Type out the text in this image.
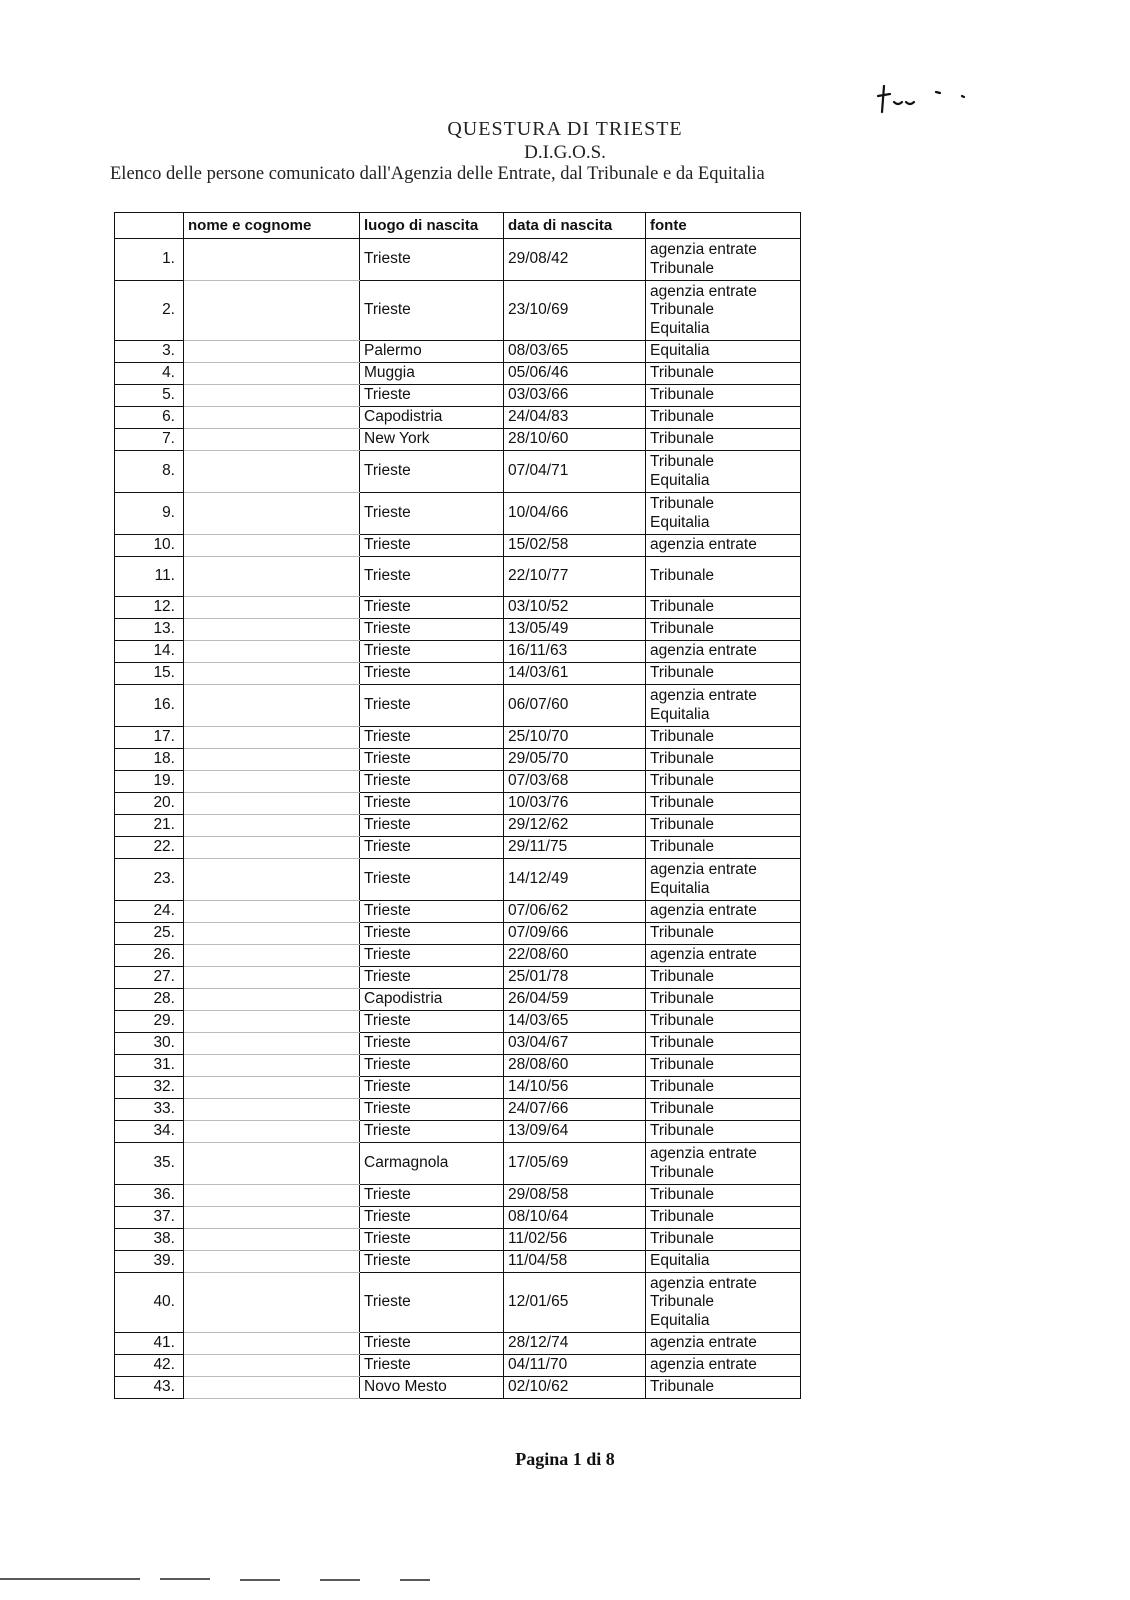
QUESTURA DI TRIESTE
D.I.G.O.S.
Elenco delle persone comunicato dall'Agenzia delle Entrate, dal Tribunale e da Equitalia
	nome e cognome	luogo di nascita	data di nascita	fonte
1.		Trieste	29/08/42	agenzia entrate
Tribunale

2.		Trieste	23/10/69	agenzia entrate
Tribunale
Equitalia

3.		Palermo	08/03/65	Equitalia

4.		Muggia	05/06/46	Tribunale

5.		Trieste	03/03/66	Tribunale

6.		Capodistria	24/04/83	Tribunale

7.		New York	28/10/60	Tribunale

8.		Trieste	07/04/71	Tribunale
Equitalia

9.		Trieste	10/04/66	Tribunale
Equitalia

10.		Trieste	15/02/58	agenzia entrate

11.		Trieste	22/10/77	Tribunale

12.		Trieste	03/10/52	Tribunale

13.		Trieste	13/05/49	Tribunale

14.		Trieste	16/11/63	agenzia entrate

15.		Trieste	14/03/61	Tribunale

16.		Trieste	06/07/60	agenzia entrate
Equitalia

17.		Trieste	25/10/70	Tribunale

18.		Trieste	29/05/70	Tribunale

19.		Trieste	07/03/68	Tribunale

20.		Trieste	10/03/76	Tribunale

21.		Trieste	29/12/62	Tribunale

22.		Trieste	29/11/75	Tribunale

23.		Trieste	14/12/49	agenzia entrate
Equitalia

24.		Trieste	07/06/62	agenzia entrate

25.		Trieste	07/09/66	Tribunale

26.		Trieste	22/08/60	agenzia entrate

27.		Trieste	25/01/78	Tribunale

28.		Capodistria	26/04/59	Tribunale

29.		Trieste	14/03/65	Tribunale

30.		Trieste	03/04/67	Tribunale

31.		Trieste	28/08/60	Tribunale

32.		Trieste	14/10/56	Tribunale

33.		Trieste	24/07/66	Tribunale

34.		Trieste	13/09/64	Tribunale

35.		Carmagnola	17/05/69	agenzia entrate
Tribunale

36.		Trieste	29/08/58	Tribunale

37.		Trieste	08/10/64	Tribunale

38.		Trieste	11/02/56	Tribunale

39.		Trieste	11/04/58	Equitalia

40.		Trieste	12/01/65	agenzia entrate
Tribunale
Equitalia

41.		Trieste	28/12/74	agenzia entrate

42.		Trieste	04/11/70	agenzia entrate

43.		Novo Mesto	02/10/62	Tribunale
Pagina 1 di 8
